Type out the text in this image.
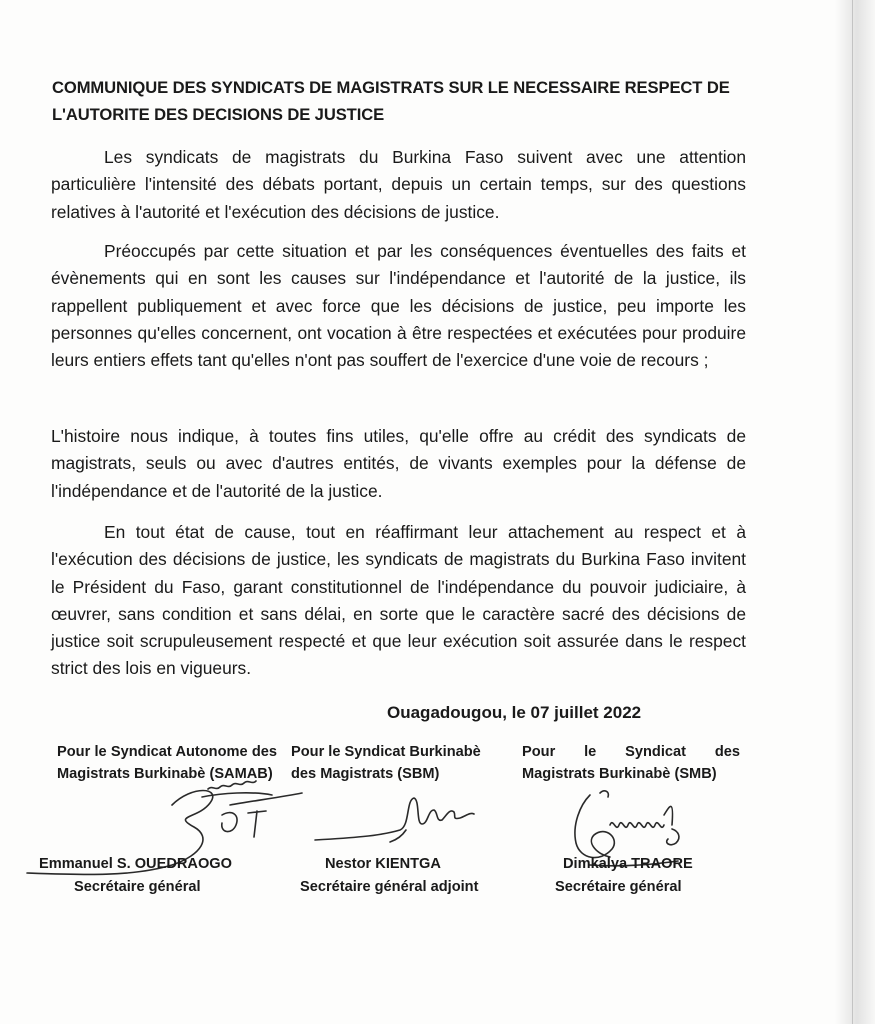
COMMUNIQUE DES SYNDICATS DE MAGISTRATS SUR LE NECESSAIRE RESPECT DE L'AUTORITE DES DECISIONS DE JUSTICE

Les syndicats de magistrats du Burkina Faso suivent avec une attention particulière l'intensité des débats portant, depuis un certain temps, sur des questions relatives à l'autorité et l'exécution des décisions de justice.

Préoccupés par cette situation et par les conséquences éventuelles des faits et évènements qui en sont les causes sur l'indépendance et l'autorité de la justice, ils rappellent publiquement et avec force que les décisions de justice, peu importe les personnes qu'elles concernent, ont vocation à être respectées et exécutées pour produire leurs entiers effets tant qu'elles n'ont pas souffert de l'exercice d'une voie de recours ;

L'histoire nous indique, à toutes fins utiles, qu'elle offre au crédit des syndicats de magistrats, seuls ou avec d'autres entités, de vivants exemples pour la défense de l'indépendance et de l'autorité de la justice.

En tout état de cause, tout en réaffirmant leur attachement au respect et à l'exécution des décisions de justice, les syndicats de magistrats du Burkina Faso invitent le Président du Faso, garant constitutionnel de l'indépendance du pouvoir judiciaire, à œuvrer, sans condition et sans délai, en sorte que le caractère sacré des décisions de justice soit scrupuleusement respecté et que leur exécution soit assurée dans le respect strict des lois en vigueurs.

Ouagadougou, le 07 juillet 2022
Pour le Syndicat Autonome des Magistrats Burkinabè (SAMAB)
Pour le Syndicat Burkinabè
des Magistrats (SBM)
Pour le Syndicat des Magistrats Burkinabè (SMB)
Emmanuel S. OUEDRAOGO
Secrétaire général
Nestor KIENTGA
Secrétaire général adjoint
Dimkalya TRAORE
Secrétaire général
